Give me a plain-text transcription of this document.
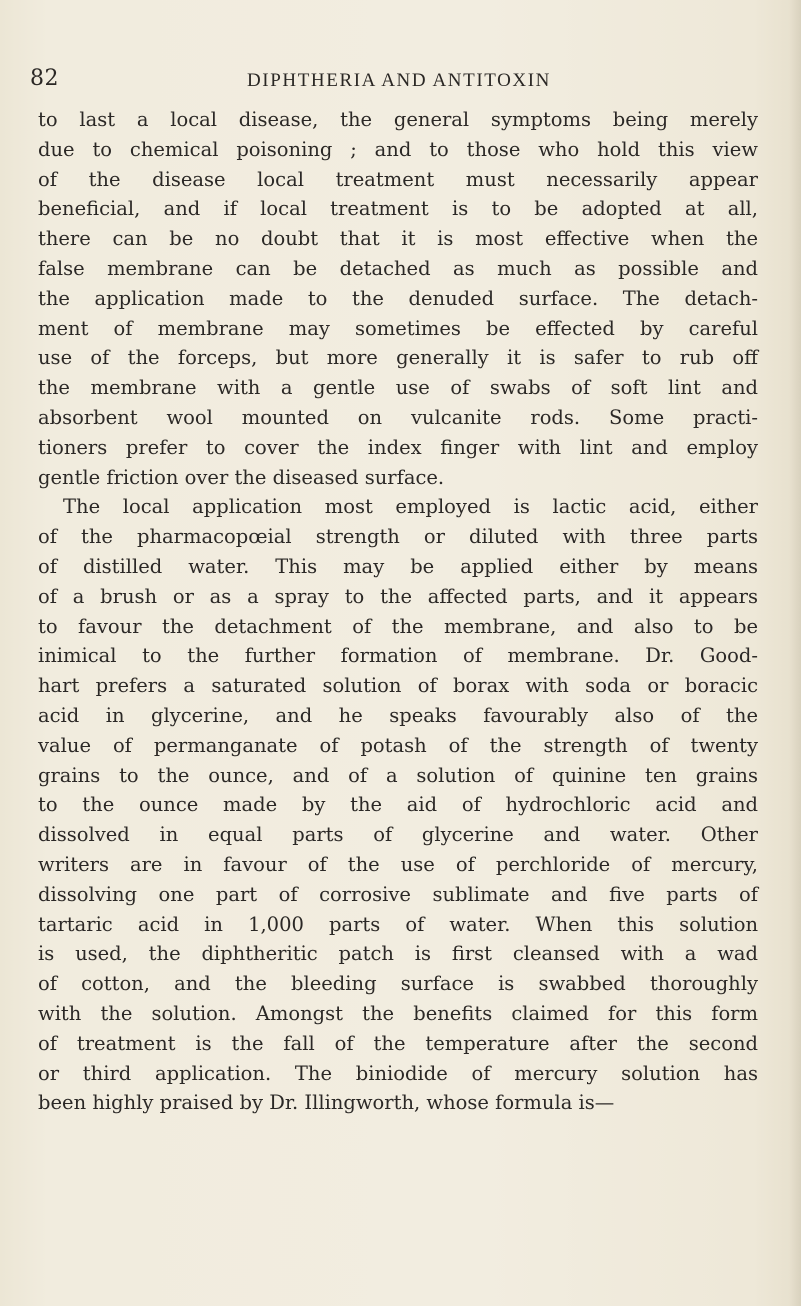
82	DIPHTHERIA AND ANTITOXIN

to last a local disease, the general symptoms being merely
due to chemical poisoning ; and to those who hold this view
of the disease local treatment must necessarily appear
beneficial, and if local treatment is to be adopted at all,
there can be no doubt that it is most effective when the
false membrane can be detached as much as possible and
the application made to the denuded surface. The detach-
ment of membrane may sometimes be effected by careful
use of the forceps, but more generally it is safer to rub off
the membrane with a gentle use of swabs of soft lint and
absorbent wool mounted on vulcanite rods. Some practi-
tioners prefer to cover the index finger with lint and employ
gentle friction over the diseased surface.
The local application most employed is lactic acid, either
of the pharmacopœial strength or diluted with three parts
of distilled water. This may be applied either by means
of a brush or as a spray to the affected parts, and it appears
to favour the detachment of the membrane, and also to be
inimical to the further formation of membrane. Dr. Good-
hart prefers a saturated solution of borax with soda or boracic
acid in glycerine, and he speaks favourably also of the
value of permanganate of potash of the strength of twenty
grains to the ounce, and of a solution of quinine ten grains
to the ounce made by the aid of hydrochloric acid and
dissolved in equal parts of glycerine and water. Other
writers are in favour of the use of perchloride of mercury,
dissolving one part of corrosive sublimate and five parts of
tartaric acid in 1,000 parts of water. When this solution
is used, the diphtheritic patch is first cleansed with a wad
of cotton, and the bleeding surface is swabbed thoroughly
with the solution. Amongst the benefits claimed for this form
of treatment is the fall of the temperature after the second
or third application. The biniodide of mercury solution has
been highly praised by Dr. Illingworth, whose formula is—
